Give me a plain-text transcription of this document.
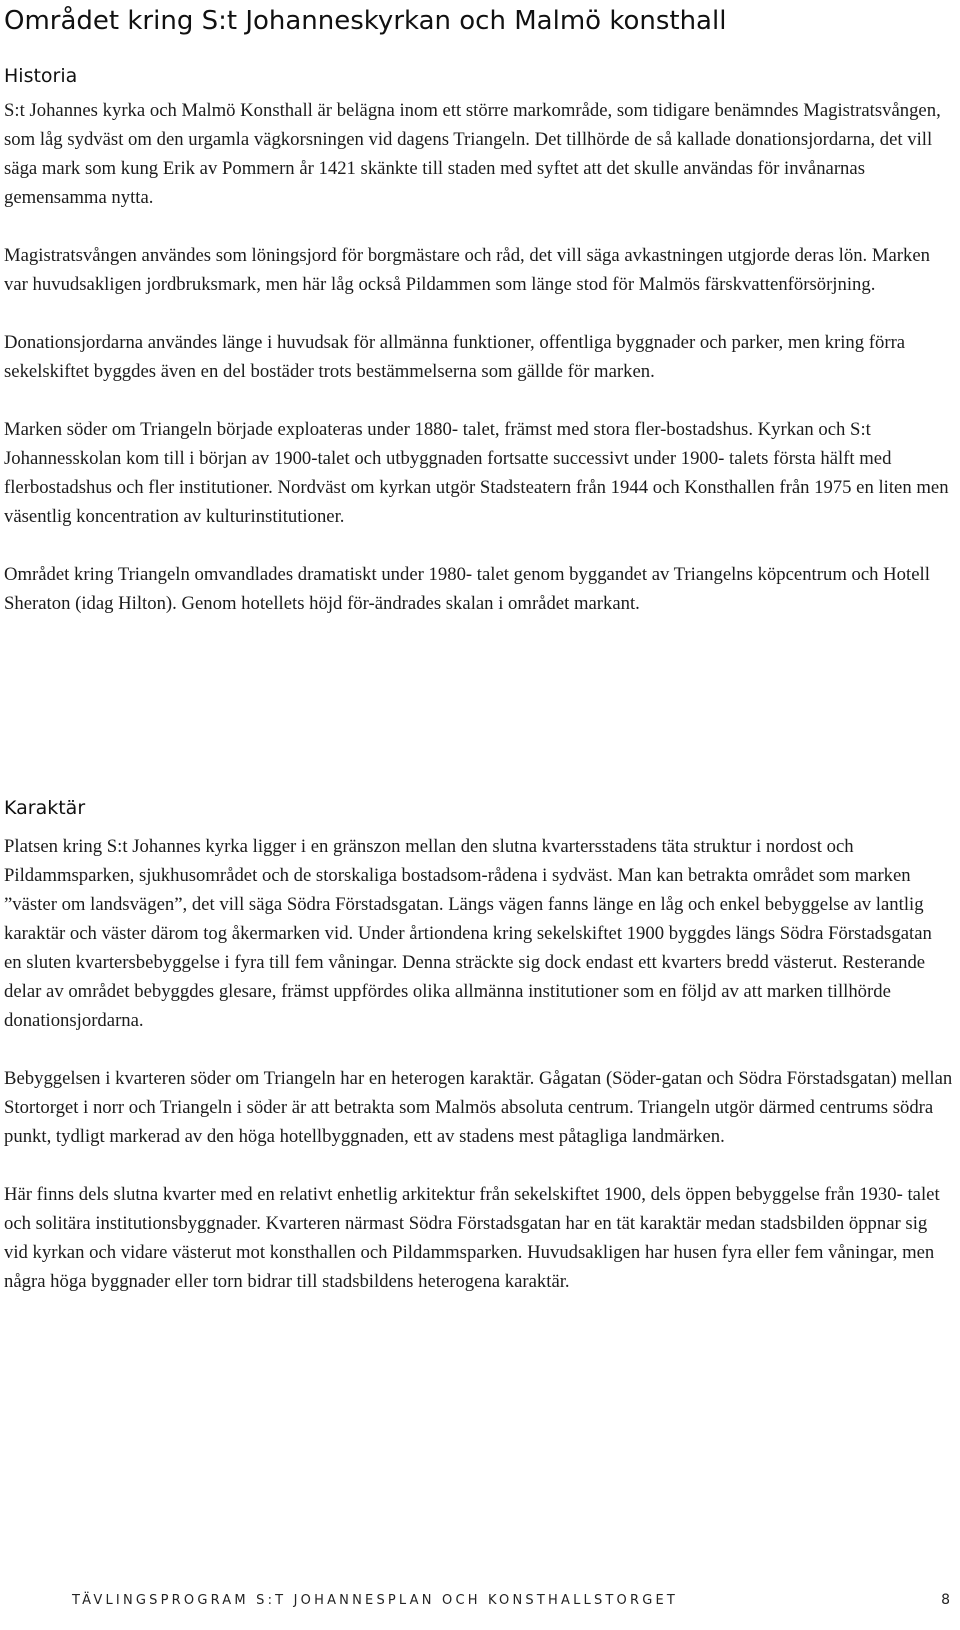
Området kring S:t Johanneskyrkan och Malmö konsthall
Historia

S:t Johannes kyrka och Malmö Konsthall är belägna inom ett större markområde, som tidigare benämndes Magistratsvången, som låg sydväst om den urgamla vägkorsningen vid dagens Triangeln. Det tillhörde de så kallade donationsjordarna, det vill säga mark som kung Erik av Pommern år 1421 skänkte till staden med syftet att det skulle användas för invånarnas gemensamma nytta.

Magistratsvången användes som löningsjord för borgmästare och råd, det vill säga avkastningen utgjorde deras lön. Marken var huvudsakligen jordbruksmark, men här låg också Pildammen som länge stod för Malmös färskvattenförsörjning.

Donationsjordarna användes länge i huvudsak för allmänna funktioner, offentliga byggnader och parker, men kring förra sekelskiftet byggdes även en del bostäder trots bestämmelserna som gällde för marken.

Marken söder om Triangeln började exploateras under 1880- talet, främst med stora fler-bostadshus. Kyrkan och S:t Johannesskolan kom till i början av 1900-talet och utbyggnaden fortsatte successivt under 1900- talets första hälft med flerbostadshus och fler institutioner. Nordväst om kyrkan utgör Stadsteatern från 1944 och Konsthallen från 1975 en liten men väsentlig koncentration av kulturinstitutioner.

Området kring Triangeln omvandlades dramatiskt under 1980- talet genom byggandet av Triangelns köpcentrum och Hotell Sheraton (idag Hilton). Genom hotellets höjd för-ändrades skalan i området markant.

Karaktär

Platsen kring S:t Johannes kyrka ligger i en gränszon mellan den slutna kvartersstadens täta struktur i nordost och Pildammsparken, sjukhusområdet och de storskaliga bostadsom-rådena i sydväst. Man kan betrakta området som marken ”väster om landsvägen”, det vill säga Södra Förstadsgatan. Längs vägen fanns länge en låg och enkel bebyggelse av lantlig karaktär och väster därom tog åkermarken vid. Under årtiondena kring sekelskiftet 1900 byggdes längs Södra Förstadsgatan en sluten kvartersbebyggelse i fyra till fem våningar. Denna sträckte sig dock endast ett kvarters bredd västerut. Resterande delar av området bebyggdes glesare, främst uppfördes olika allmänna institutioner som en följd av att marken tillhörde donationsjordarna.

Bebyggelsen i kvarteren söder om Triangeln har en heterogen karaktär. Gågatan (Söder-gatan och Södra Förstadsgatan) mellan Stortorget i norr och Triangeln i söder är att betrakta som Malmös absoluta centrum. Triangeln utgör därmed centrums södra punkt, tydligt markerad av den höga hotellbyggnaden, ett av stadens mest påtagliga landmärken.

Här finns dels slutna kvarter med en relativt enhetlig arkitektur från sekelskiftet 1900, dels öppen bebyggelse från 1930- talet och solitära institutionsbyggnader. Kvarteren närmast Södra Förstadsgatan har en tät karaktär medan stadsbilden öppnar sig vid kyrkan och vidare västerut mot konsthallen och Pildammsparken. Huvudsakligen har husen fyra eller fem våningar, men några höga byggnader eller torn bidrar till stadsbildens heterogena karaktär.

TÄVLINGSPROGRAM S:T JOHANNESPLAN OCH KONSTHALLSTORGET	8
